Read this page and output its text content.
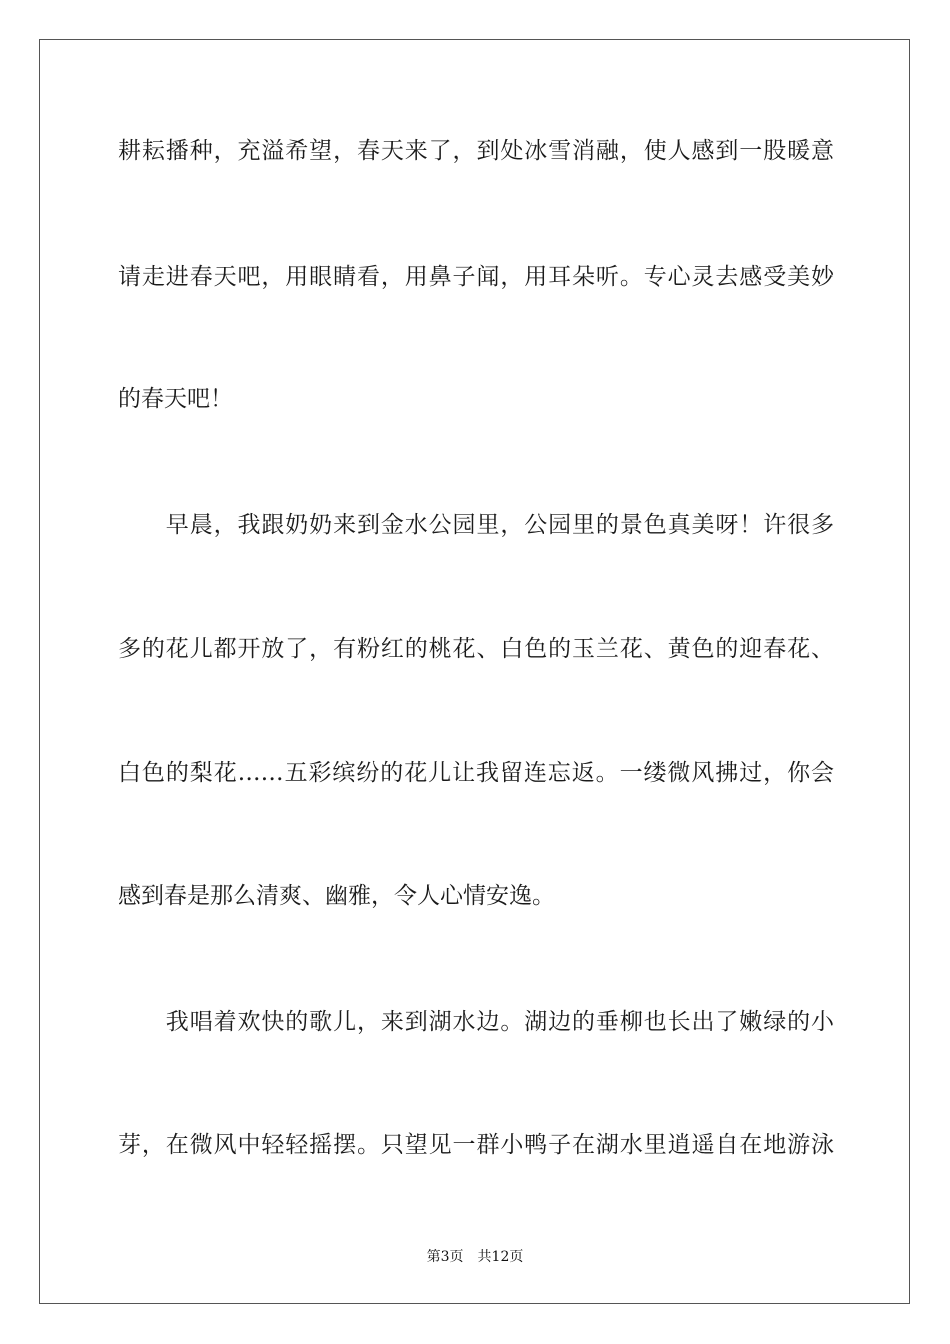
耕耘播种，充溢希望，春天来了，到处冰雪消融，使人感到一股暖意
请走进春天吧，用眼睛看，用鼻子闻，用耳朵听。专心灵去感受美妙
的春天吧！
　　早晨，我跟奶奶来到金水公园里，公园里的景色真美呀！许很多
多的花儿都开放了，有粉红的桃花、白色的玉兰花、黄色的迎春花、
白色的梨花……五彩缤纷的花儿让我留连忘返。一缕微风拂过，你会
感到春是那么清爽、幽雅，令人心情安逸。
　　我唱着欢快的歌儿，来到湖水边。湖边的垂柳也长出了嫩绿的小
芽，在微风中轻轻摇摆。只望见一群小鸭子在湖水里逍遥自在地游泳
第3页 共12页
